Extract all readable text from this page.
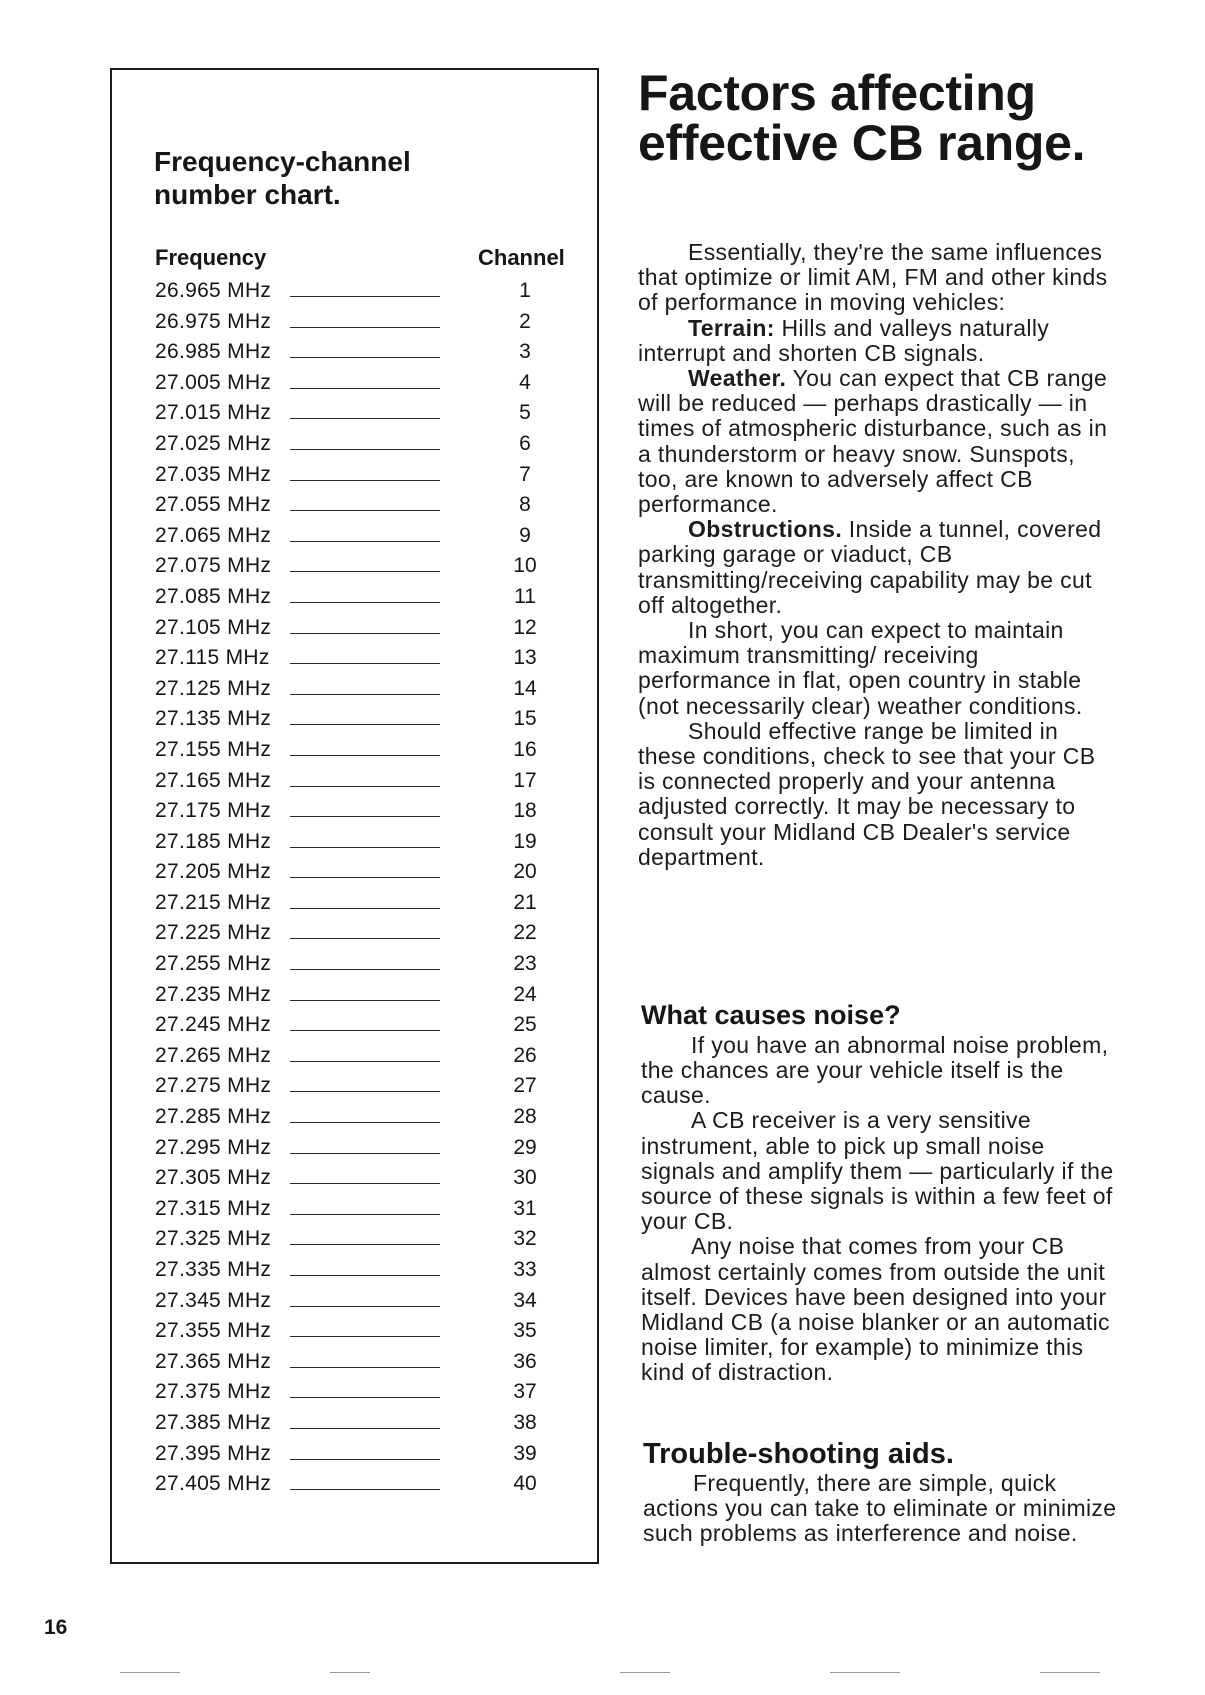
Frequency-channel number chart.
Frequency	Channel
26.965 MHz	1
26.975 MHz	2
26.985 MHz	3
27.005 MHz	4
27.015 MHz	5
27.025 MHz	6
27.035 MHz	7
27.055 MHz	8
27.065 MHz	9
27.075 MHz	10
27.085 MHz	11
27.105 MHz	12
27.115 MHz	13
27.125 MHz	14
27.135 MHz	15
27.155 MHz	16
27.165 MHz	17
27.175 MHz	18
27.185 MHz	19
27.205 MHz	20
27.215 MHz	21
27.225 MHz	22
27.255 MHz	23
27.235 MHz	24
27.245 MHz	25
27.265 MHz	26
27.275 MHz	27
27.285 MHz	28
27.295 MHz	29
27.305 MHz	30
27.315 MHz	31
27.325 MHz	32
27.335 MHz	33
27.345 MHz	34
27.355 MHz	35
27.365 MHz	36
27.375 MHz	37
27.385 MHz	38
27.395 MHz	39
27.405 MHz	40
Factors affecting
effective CB range.

Essentially, they're the same influences that optimize or limit AM, FM and other kinds of performance in moving vehicles:
Terrain: Hills and valleys naturally interrupt and shorten CB signals.
Weather. You can expect that CB range will be reduced — perhaps drastically — in times of atmospheric disturbance, such as in a thunderstorm or heavy snow. Sunspots, too, are known to adversely affect CB performance.
Obstructions. Inside a tunnel, covered parking garage or viaduct, CB transmitting/receiving capability may be cut off altogether.
In short, you can expect to maintain maximum transmitting/ receiving performance in flat, open country in stable (not necessarily clear) weather conditions.
Should effective range be limited in these conditions, check to see that your CB is connected properly and your antenna adjusted correctly. It may be necessary to consult your Midland CB Dealer's service department.

What causes noise?

If you have an abnormal noise problem, the chances are your vehicle itself is the cause.
A CB receiver is a very sensitive instrument, able to pick up small noise signals and amplify them — particularly if the source of these signals is within a few feet of your CB.
Any noise that comes from your CB almost certainly comes from outside the unit itself. Devices have been designed into your Midland CB (a noise blanker or an automatic noise limiter, for example) to minimize this kind of distraction.

Trouble-shooting aids.

Frequently, there are simple, quick actions you can take to eliminate or minimize such problems as interference and noise.

16
